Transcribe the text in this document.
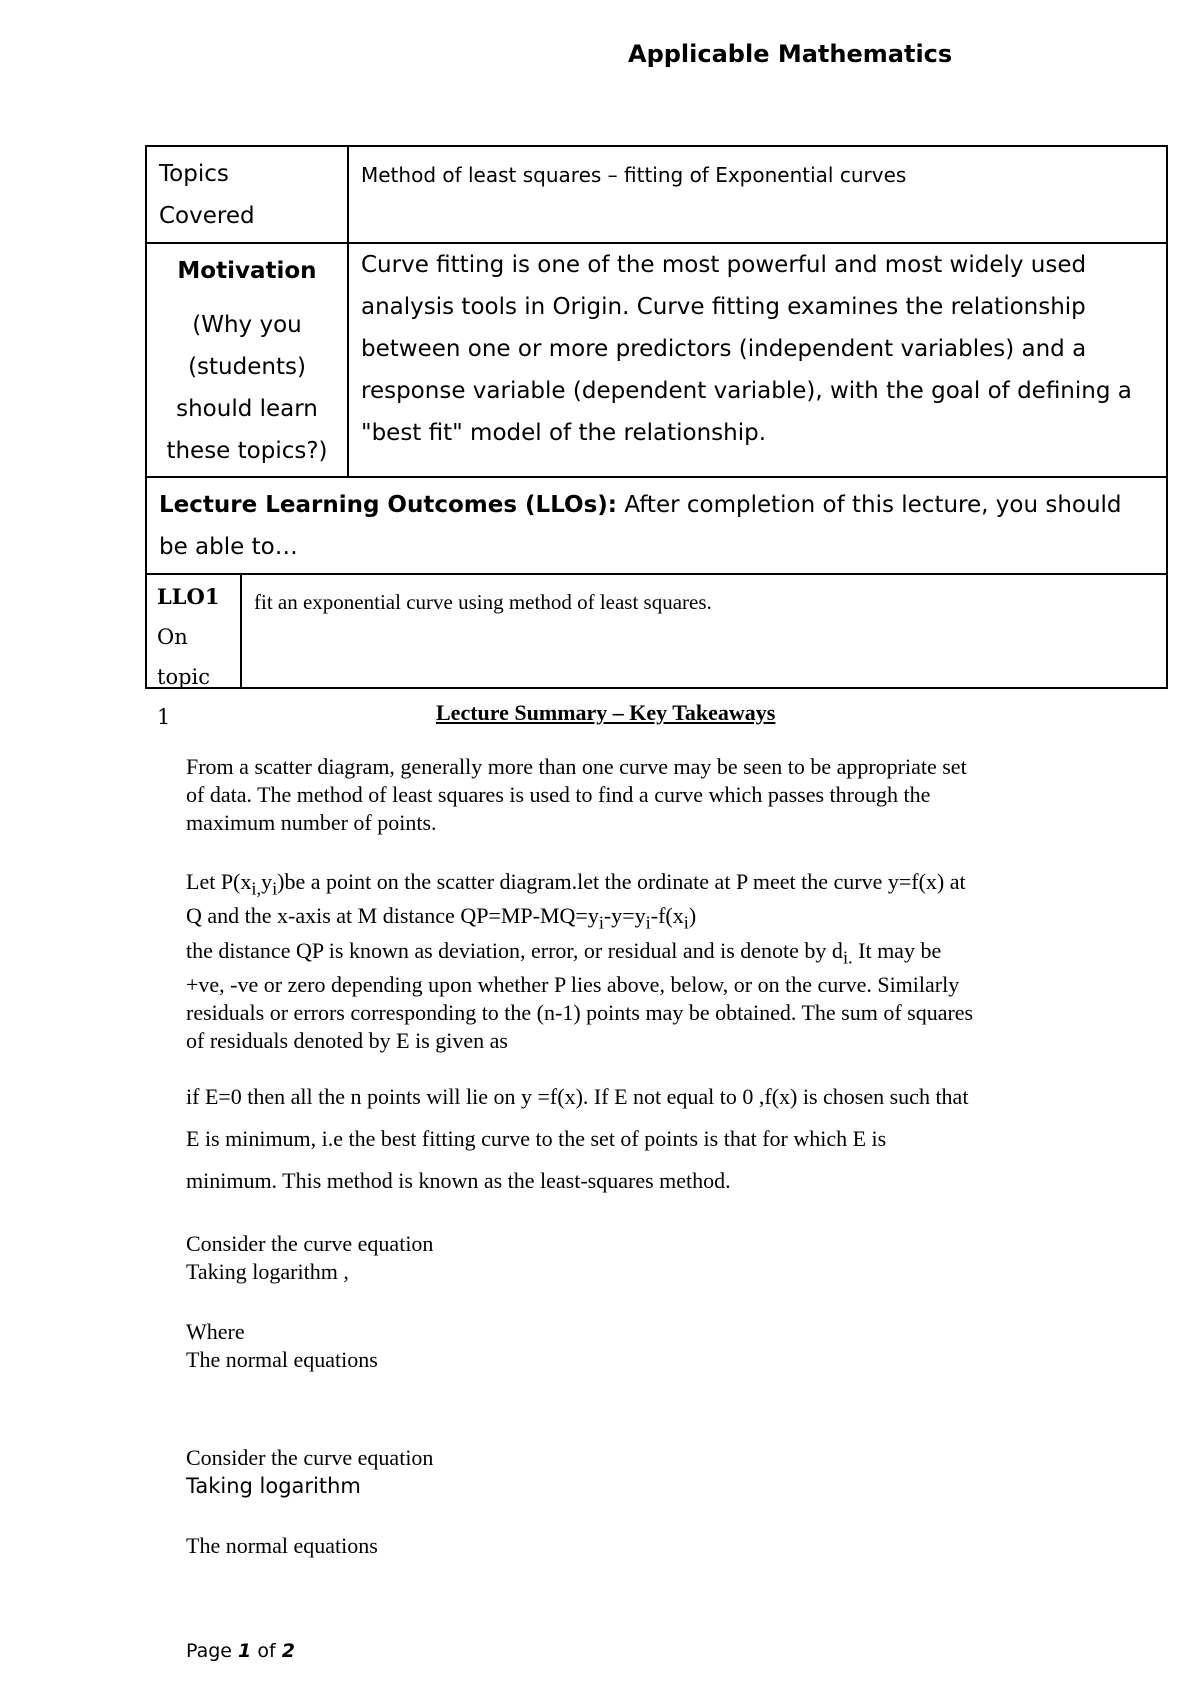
Applicable Mathematics
Topics
Covered
Method of least squares – fitting of Exponential curves
Motivation
(Why you
(students)
should learn
these topics?)
Curve fitting is one of the most powerful and most widely used analysis tools in Origin. Curve fitting examines the relationship between one or more predictors (independent variables) and a response variable (dependent variable), with the goal of defining a "best fit" model of the relationship.
Lecture Learning Outcomes (LLOs): After completion of this lecture, you should be able to…
LLO1
On
topic 1
fit an exponential curve using method of least squares.
Lecture Summary – Key Takeaways

From a scatter diagram, generally more than one curve may be seen to be appropriate set

of data. The method of least squares is used to find a curve which passes through the

maximum number of points.

Let $P(x_{i,}y_i)be$ a point on the scatter diagram.let the ordinate at P meet the curve y=f(x) at

Q and the x-axis at M distance $QP=MP-MQ=y_i-y=y_i-f(x_i)$

the distance QP is known as deviation, error, or residual and is denote by $d_{i.}$ It may be

+ve, -ve or zero depending upon whether P lies above, below, or on the curve. Similarly

residuals or errors corresponding to the (n-1) points may be obtained. The sum of squares

of residuals denoted by E is given as

if E=0 then all the n points will lie on y =f(x). If E not equal to 0 ,f(x) is chosen such that

E is minimum, i.e the best fitting curve to the set of points is that for which E is

minimum. This method is known as the least-squares method.

Consider the curve equation

Taking logarithm ,

Where

The normal equations

Consider the curve equation

Taking logarithm

The normal equations

Page 1 of 2
